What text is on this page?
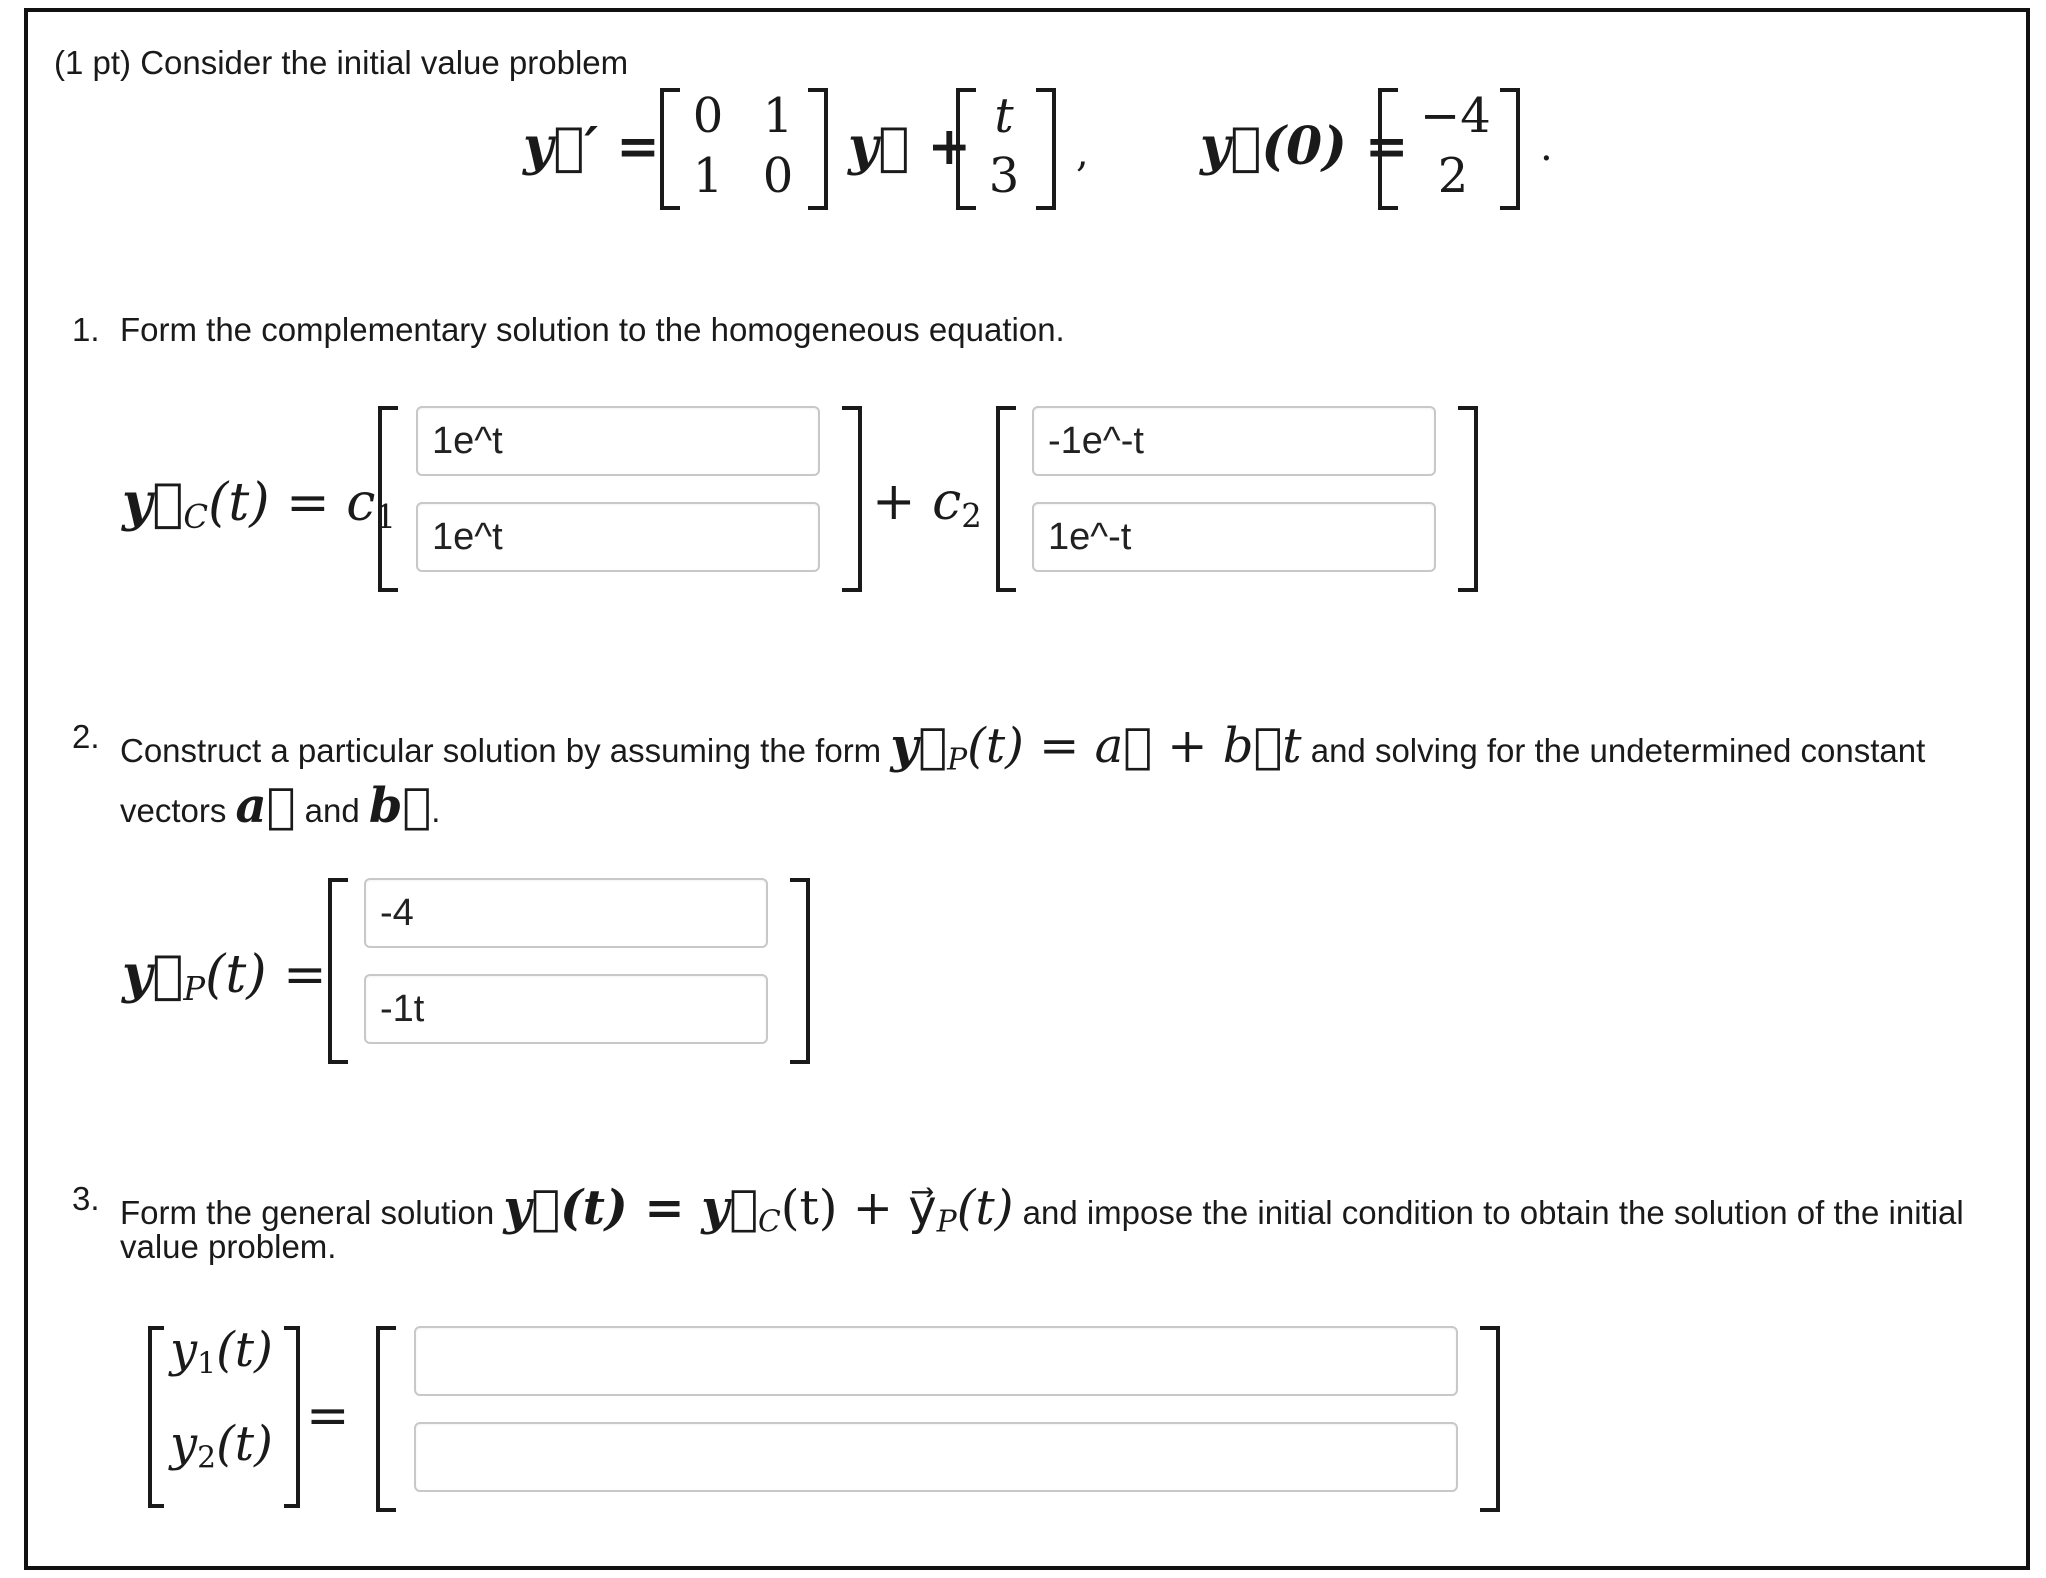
(1 pt) Consider the initial value problem
y⃗′ = 0 1
1 0 y⃗ + t
3	, y⃗(0) = −4
2
.
1. Form the complementary solution to the homogeneous equation.
$y⃗_C(t) = c_1$
1e^t
1e^t	+ $c_2$
-1e^-t
1e^-t
2. Construct a particular solution by assuming the form $y⃗_P(t)$ = a⃗ + b⃗t and solving for the undetermined constant
vectors a⃗ and b⃗.
$y⃗_P(t)$ =
-4
-1t
3. Form the general solution y⃗(t) = $y⃗_C(t)$ + $y⃗_P(t)$ and impose the initial condition to obtain the solution of the initial
value problem.
$y_1(t)$
$y_2(t)$ =
